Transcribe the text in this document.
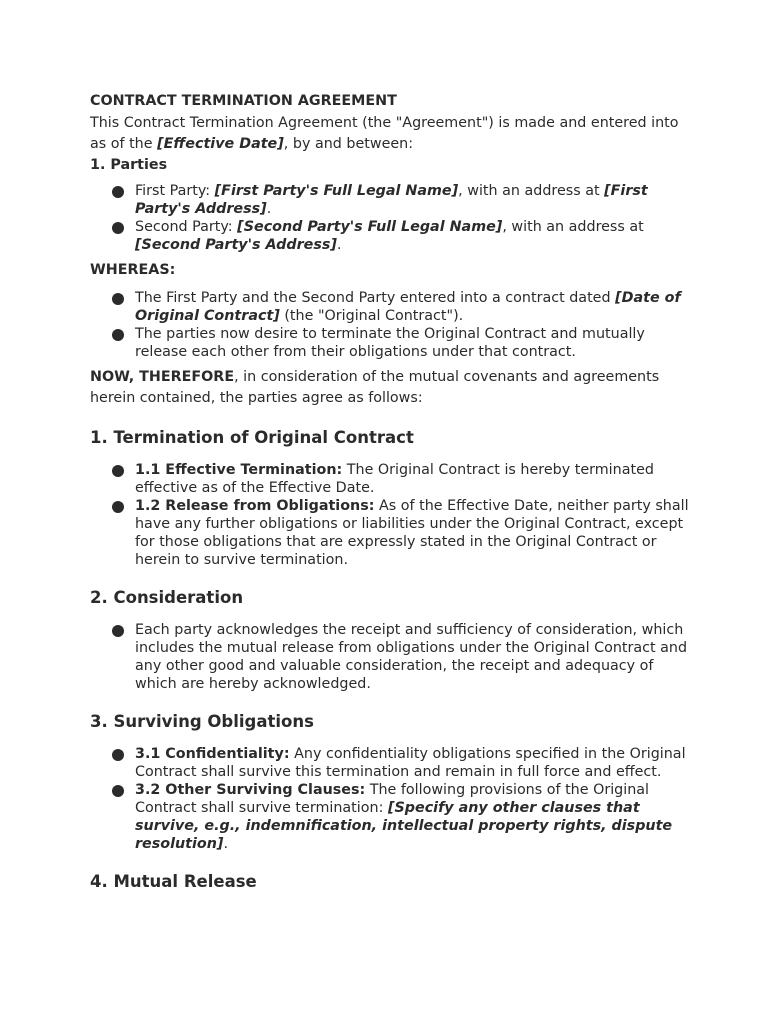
CONTRACT TERMINATION AGREEMENT

This Contract Termination Agreement (the "Agreement") is made and entered into as of the [Effective Date], by and between:

1. Parties

First Party: [First Party's Full Legal Name], with an address at [First Party's Address].
Second Party: [Second Party's Full Legal Name], with an address at [Second Party's Address].

WHEREAS:

The First Party and the Second Party entered into a contract dated [Date of Original Contract] (the "Original Contract").
The parties now desire to terminate the Original Contract and mutually release each other from their obligations under that contract.

NOW, THEREFORE, in consideration of the mutual covenants and agreements herein contained, the parties agree as follows:

1. Termination of Original Contract

1.1 Effective Termination: The Original Contract is hereby terminated effective as of the Effective Date.
1.2 Release from Obligations: As of the Effective Date, neither party shall have any further obligations or liabilities under the Original Contract, except for those obligations that are expressly stated in the Original Contract or herein to survive termination.

2. Consideration

Each party acknowledges the receipt and sufficiency of consideration, which includes the mutual release from obligations under the Original Contract and any other good and valuable consideration, the receipt and adequacy of which are hereby acknowledged.

3. Surviving Obligations

3.1 Confidentiality: Any confidentiality obligations specified in the Original Contract shall survive this termination and remain in full force and effect.
3.2 Other Surviving Clauses: The following provisions of the Original Contract shall survive termination: [Specify any other clauses that survive, e.g., indemnification, intellectual property rights, dispute resolution].

4. Mutual Release
